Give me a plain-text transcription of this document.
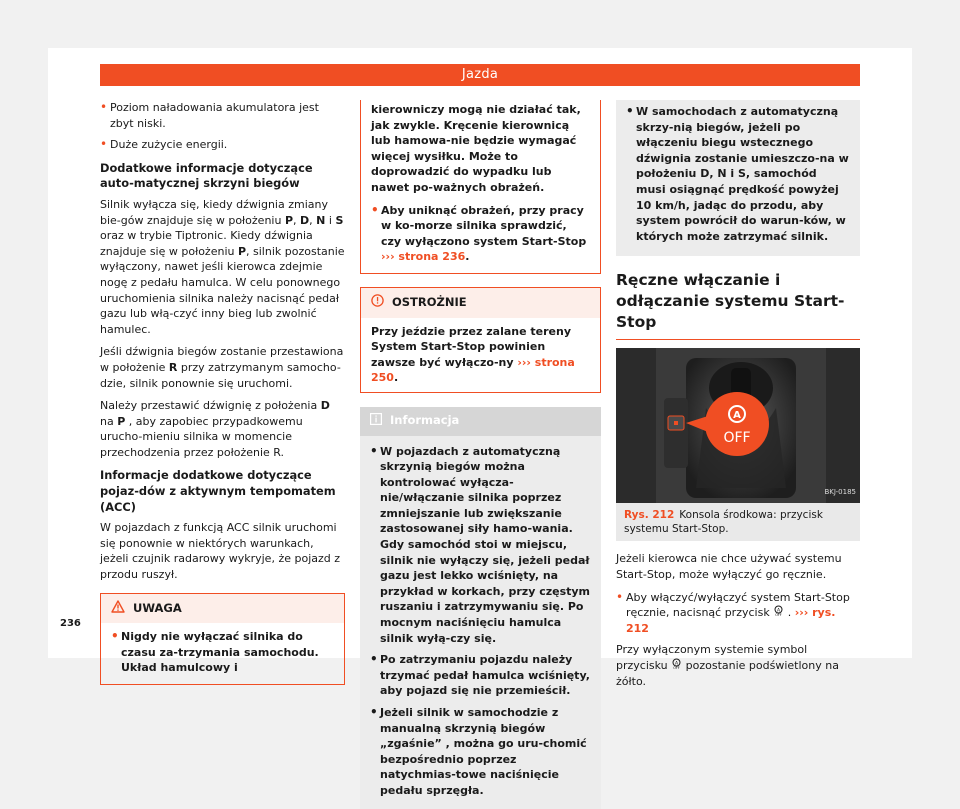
Jazda
• Poziom naładowania akumulatora jest zbyt niski.
• Duże zużycie energii.
Dodatkowe informacje dotyczące auto-matycznej skrzyni biegów

Silnik wyłącza się, kiedy dźwignia zmiany bie-gów znajduje się w położeniu P, D, N i S oraz w trybie Tiptronic. Kiedy dźwignia znajduje się w położeniu P, silnik pozostanie wyłączony, nawet jeśli kierowca zdejmie nogę z pedału hamulca. W celu ponownego uruchomienia silnika należy nacisnąć pedał gazu lub włą-czyć inny bieg lub zwolnić hamulec.

Jeśli dźwignia biegów zostanie przestawiona w położenie R przy zatrzymanym samocho-dzie, silnik ponownie się uruchomi.

Należy przestawić dźwignię z położenia D na P , aby zapobiec przypadkowemu urucho-mieniu silnika w momencie przechodzenia przez położenie R.

Informacje dodatkowe dotyczące pojaz-dów z aktywnym tempomatem (ACC)

W pojazdach z funkcją ACC silnik uruchomi się ponownie w niektórych warunkach, jeżeli czujnik radarowy wykryje, że pojazd z przodu ruszył.

UWAGA
• Nigdy nie wyłączać silnika do czasu za-trzymania samochodu. Układ hamulcowy i

kierowniczy mogą nie działać tak, jak zwykle. Kręcenie kierownicą lub hamowa-nie będzie wymagać więcej wysiłku. Może to doprowadzić do wypadku lub nawet po-ważnych obrażeń.

• Aby uniknąć obrażeń, przy pracy w ko-morze silnika sprawdzić, czy wyłączono system Start-Stop ››› strona 236.
OSTROŻNIE
Przy jeździe przez zalane tereny System Start-Stop powinien zawsze być wyłączo-ny ››› strona 250.
Informacja
• W pojazdach z automatyczną skrzynią biegów można kontrolować wyłącza-nie/włączanie silnika poprzez zmniejszanie lub zwiększanie zastosowanej siły hamo-wania. Gdy samochód stoi w miejscu, silnik nie wyłączy się, jeżeli pedał gazu jest lekko wciśnięty, na przykład w korkach, przy częstym ruszaniu i zatrzymywaniu się. Po mocnym naciśnięciu hamulca silnik wyłą-czy się.
• Po zatrzymaniu pojazdu należy trzymać pedał hamulca wciśnięty, aby pojazd się nie przemieścił.
• Jeżeli silnik w samochodzie z manualną skrzynią biegów „zgaśnie” , można go uru-chomić bezpośrednio poprzez natychmias-towe naciśnięcie pedału sprzęgła.
• W samochodach z automatyczną skrzy-nią biegów, jeżeli po włączeniu biegu wstecznego dźwignia zostanie umieszczo-na w położeniu D, N i S, samochód musi osiągnąć prędkość powyżej 10 km/h, jadąc do przodu, aby system powrócił do warun-ków, w których może zatrzymać silnik.
Ręczne włączanie i odłączanie systemu Start-Stop
A
OFF
BKJ-0185
Rys. 212 Konsola środkowa: przycisk systemu Start-Stop.

Jeżeli kierowca nie chce używać systemu Start-Stop, może wyłączyć go ręcznie.

• Aby włączyć/wyłączyć system Start-Stop ręcznie, nacisnąć przycisk A
OFF . ››› rys. 212

Przy wyłączonym systemie symbol przycisku A
OFF pozostanie podświetlony na żółto.

236
